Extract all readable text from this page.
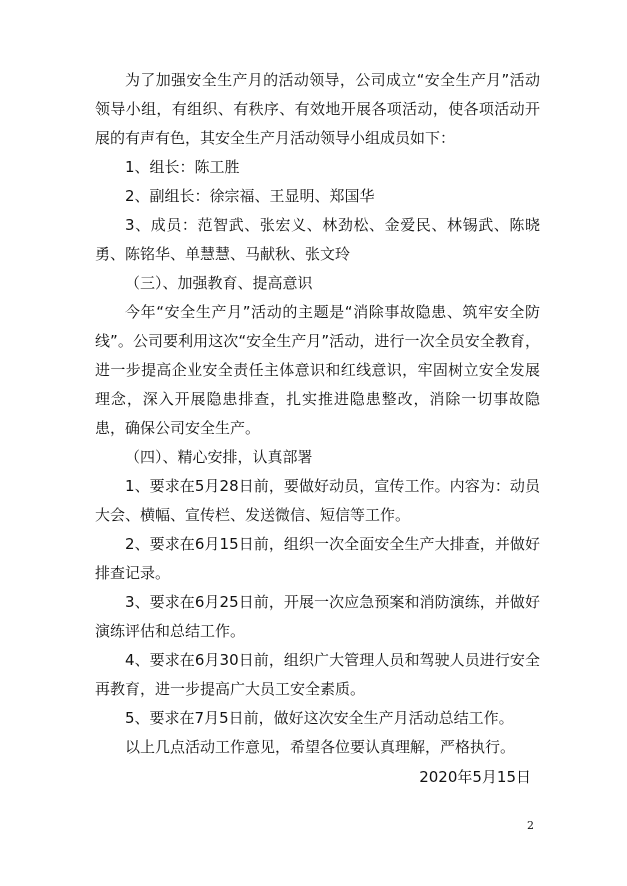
为了加强安全生产月的活动领导，公司成立“安全生产月”活动领导小组，有组织、有秩序、有效地开展各项活动，使各项活动开展的有声有色，其安全生产月活动领导小组成员如下：

1、组长：陈工胜

2、副组长：徐宗福、王显明、郑国华

3、成员：范智武、张宏义、林劲松、金爱民、林锡武、陈晓勇、陈铭华、单慧慧、马献秋、张文玲

（三）、加强教育、提高意识

今年“安全生产月”活动的主题是“消除事故隐患、筑牢安全防线”。公司要利用这次“安全生产月”活动，进行一次全员安全教育，进一步提高企业安全责任主体意识和红线意识，牢固树立安全发展理念，深入开展隐患排查，扎实推进隐患整改，消除一切事故隐患，确保公司安全生产。

（四）、精心安排，认真部署

1、要求在5月28日前，要做好动员，宣传工作。内容为：动员大会、横幅、宣传栏、发送微信、短信等工作。

2、要求在6月15日前，组织一次全面安全生产大排查，并做好排查记录。

3、要求在6月25日前，开展一次应急预案和消防演练，并做好演练评估和总结工作。

4、要求在6月30日前，组织广大管理人员和驾驶人员进行安全再教育，进一步提高广大员工安全素质。

5、要求在7月5日前，做好这次安全生产月活动总结工作。

以上几点活动工作意见，希望各位要认真理解，严格执行。

2020年5月15日
2
